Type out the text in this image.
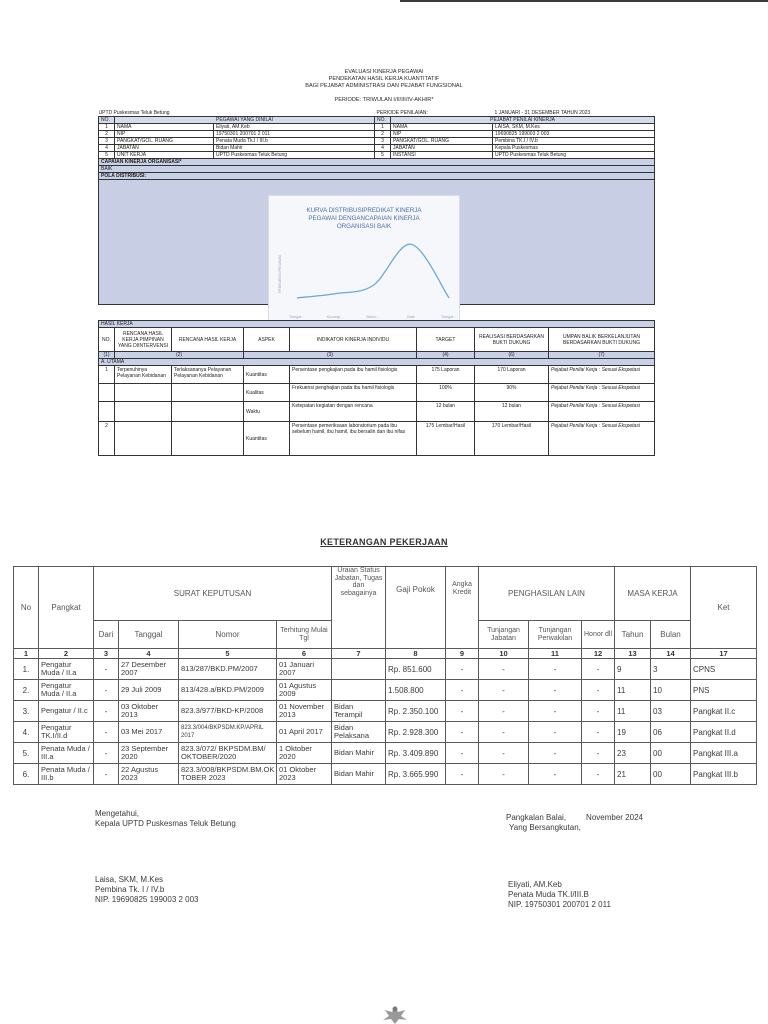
EVALUASI KINERJA PEGAWAI
PENDEKATAN HASIL KERJA KUANTITATIF
BAGI PEJABAT ADMINISTRASI DAN PEJABAT FUNGSIONAL
PERIODE: TRIWULAN I/II/III/IV-AKHIR*
UPTD Puskesmas Teluk Betung			PERIODE PENILAIAN:		1 JANUARI - 31 DESEMBER TAHUN 2023
NO.	PEGAWAI YANG DINILAI		NO.	PEJABAT PENILAI KINERJA	
1	NAMA	Eliyati, AM.Keb	1	NAMA	LAISA, SKM, M.Kes
2	NIP	19750301 200701 2 011	2	NIP	19690825 199003 2 003
3	PANGKAT/GOL. RUANG	Penata Muda Tk.I / III.b	3	PANGKAT/GOL. RUANG	Pembina TK.I / IV.b
4	JABATAN	Bidan Mahir	4	JABATAN	Kepala Puskesmas
5	UNIT KERJA	UPTD Puskesmas Teluk Betung	5	INSTANSI	UPTD Puskesmas Teluk Betung
CAPAIAN KINERJA ORGANISASI*					
BAIK					
POLA DISTRIBUSI:					

KURVA DISTRIBUSIPREDIKAT KINERJA
PEGAWAI DENGANCAPAIAN KINERJA
ORGANISASI BAIK
FREKUENSI PEGAWAI
Sangat...	Kurang/...	Butuh...	Baik	Sangat...
HASIL KERJA							
NO.	RENCANA HASIL KERJA PIMPINAN YANG DIINTERVENSI	RENCANA HASIL KERJA	ASPEK	INDIKATOR KINERJA INDIVIDU	TARGET	REALISASI BERDASARKAN BUKTI DUKUNG	UMPAN BALIK BERKELANJUTAN BERDASARKAN BUKTI DUKUNG
(1)	(2)		(3)		(4)	(6)	(7)
A. UTAMA							
1	Terpenuhinya Pelayanan Kebidanan	Terlaksananya Pelayanan Pelayanan Kebidanan	Kuantitas	Persentase pengkajian pada ibu hamil fisiologis	175 Laporan	170 Laporan	Pejabat Penilai Kerja : Sesuai Ekspetasi
			Kualitas	Frekuensi penghajian pada ibu hamil fisiologis	100%	90%	Pejabat Penilai Kerja : Sesuai Ekspetasi
			Waktu	Ketepatan kegiatan dengan rencana	12 bulan	12 bulan	Pejabat Penilai Kerja : Sesuai Ekspetasi
2			Kuantitas	Persentase pemeriksaan laboratorium pada ibu sebelum hamil, ibu hamil, ibu bersalin dan ibu nifas	175 Lembar/Hasil	170 Lembar/Hasil	Pejabat Penilai Kerja : Sesuai Ekspetasi
KETERANGAN PEKERJAAN
No	Pangkat	SURAT KEPUTUSAN				Uraian Status Jabatan, Tugas dan sebagainya	Gaji Pokok	Angka Kredit	PENGHASILAN LAIN			MASA KERJA		Ket
		Dari	Tanggal	Nomor	Terhitung Mulai Tgl				Tunjangan Jabatan	Tunjangan Perwakilan	Honor dll	Tahun	Bulan	
1	2	3	4	5	6	7	8	9	10	11	12	13	14	17
1.	Pengatur Muda / II.a	-	27 Desember 2007	813/287/BKD.PM/2007	01 Januari 2007		Rp. 851.600	-	-	-	-	9	3	CPNS
2.	Pengatur Muda / II.a	-	29 Juli 2009	813/428.a/BKD.PM/2009	01 Agustus 2009		1.508.800	-	-	-	-	11	10	PNS
3.	Pengatur / II.c	-	03 Oktober 2013	823.3/977/BKD-KP/2008	01 November 2013	Bidan Terampil	Rp. 2.350.100	-	-	-	-	11	03	Pangkat II.c
4.	Pengatur TK.I/II.d	-	03 Mei 2017	823.3/004/BKPSDM.KP/APRIL 2017	01 April 2017	Bidan Pelaksana	Rp. 2.928.300	-	-	-	-	19	06	Pangkat II.d
5.	Penata Muda / III.a	-	23 September 2020	823.3/072/ BKPSDM.BM/ OKTOBER/2020	1 Oktober 2020	Bidan Mahir	Rp. 3.409.890	-	-	-	-	23	00	Pangkat III.a
6.	Penata Muda / III.b	-	22 Agustus 2023	823.3/008/BKPSDM.BM.OK TOBER 2023	01 Oktober 2023	Bidan Mahir	Rp. 3.665.990	-	-	-	-	21	00	Pangkat III.b
Mengetahui,
Kepala UPTD Puskesmas Teluk Betung
Laisa, SKM, M.Kes
Pembina Tk. I / IV.b
NIP. 19690825 199003 2 003
Pangkalan Balai,	November 2024
Yang Bersangkutan,
Eliyati, AM.Keb
Penata Muda TK.I/III.B
NIP. 19750301 200701 2 011
